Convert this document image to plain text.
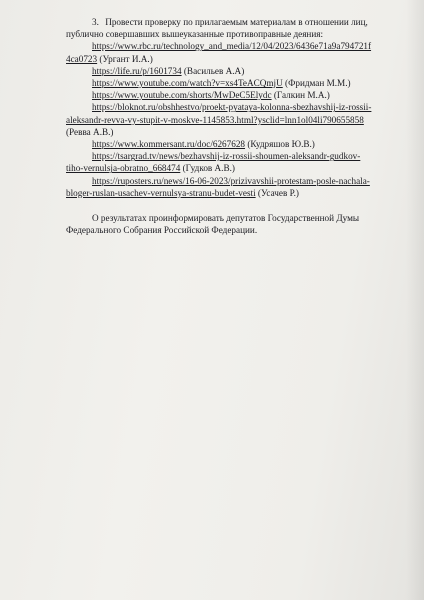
3. Провести проверку по прилагаемым материалам в отношении лиц,
публично совершавших вышеуказанные противоправные деяния:
https://www.rbc.ru/technology_and_media/12/04/2023/6436e71a9a794721f
4ca0723 (Ургант И.А.)
https://life.ru/p/1601734 (Васильев А.А)
https://www.youtube.com/watch?v=xs4TeACQmjU (Фридман М.М.)
https://www.youtube.com/shorts/MwDeC5Elydc (Галкин М.А.)
https://bloknot.ru/obshhestvo/proekt-pyataya-kolonna-sbezhavshij-iz-rossii-
aleksandr-revva-vy-stupit-v-moskve-1145853.html?ysclid=lnn1ol04li790655858
(Ревва А.В.)
https://www.kommersant.ru/doc/6267628 (Кудряшов Ю.В.)
https://tsargrad.tv/news/bezhavshij-iz-rossii-shoumen-aleksandr-gudkov-
tiho-vernulsja-obratno_668474 (Гудков А.В.)
https://ruposters.ru/news/16-06-2023/prizivavshii-protestam-posle-nachala-
bloger-ruslan-usachev-vernulsya-stranu-budet-vesti (Усачев Р.)
О результатах проинформировать депутатов Государственной Думы
Федерального Собрания Российской Федерации.
